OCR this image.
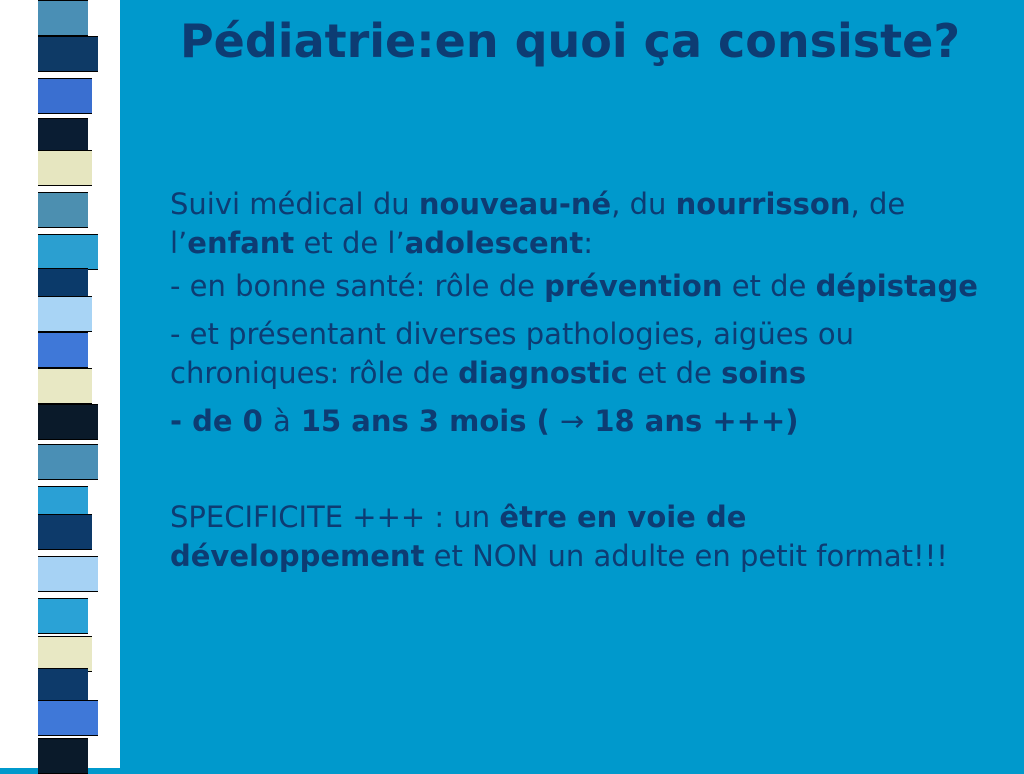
Pédiatrie:en quoi ça consiste?

Suivi médical du nouveau-né, du nourrisson, de l’enfant et de l’adolescent:

- en bonne santé: rôle de prévention et de dépistage

- et présentant diverses pathologies, aigües ou chroniques: rôle de diagnostic et de soins

- de 0 à 15 ans 3 mois ( → 18 ans +++)

SPECIFICITE +++ : un être en voie de développement et NON un adulte en petit format!!!
